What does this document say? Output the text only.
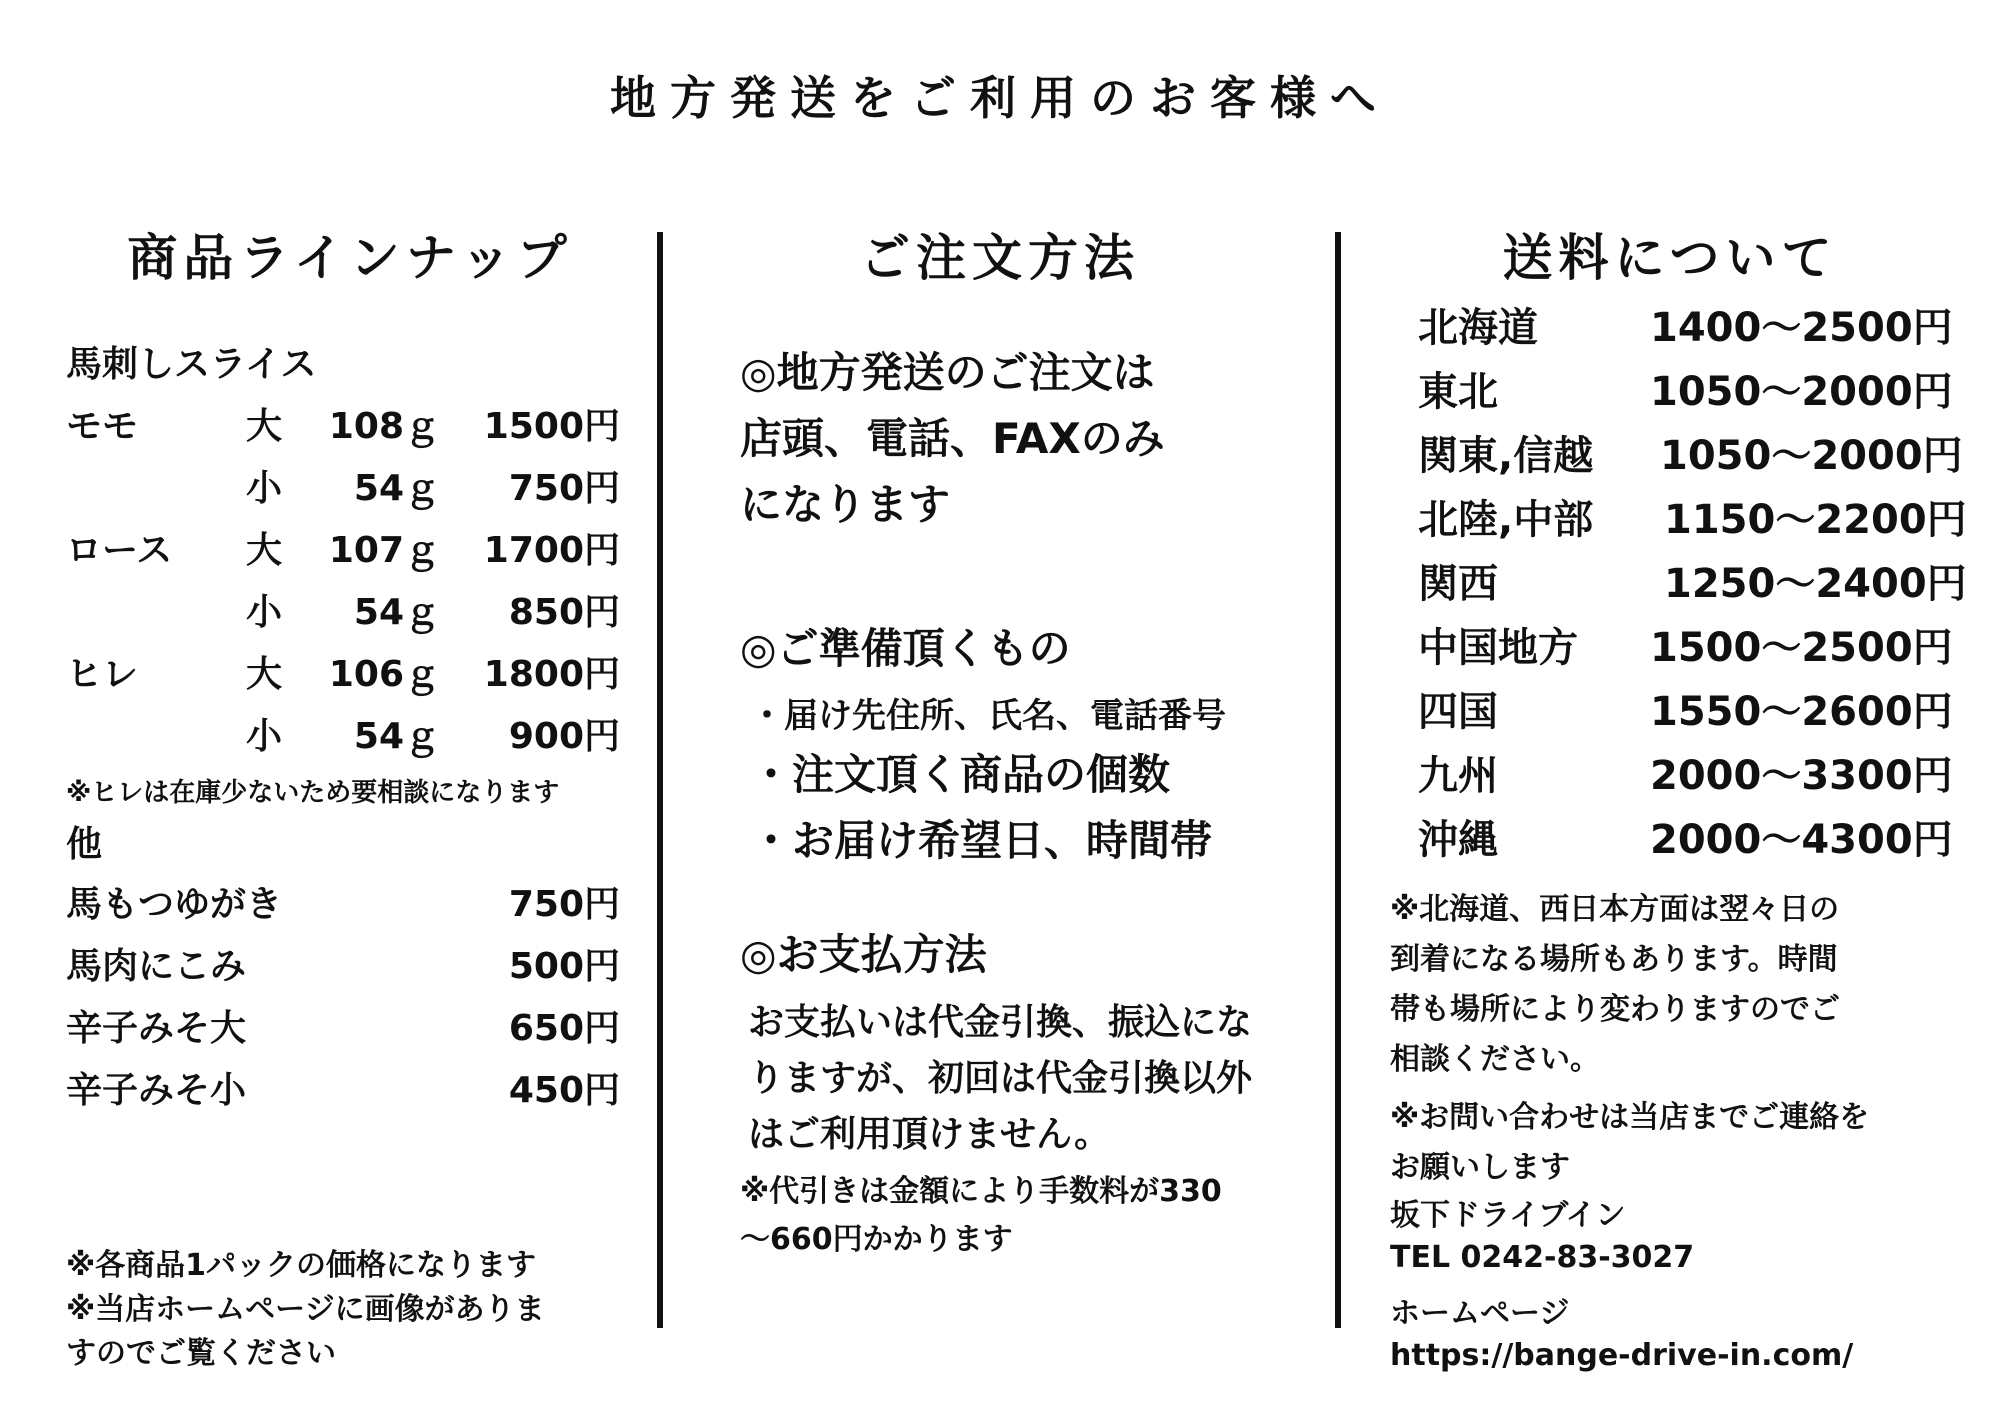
地方発送をご利用のお客様へ
商品ラインナップ
馬刺しスライス
モモ	大	108ｇ	1500円
小	54ｇ	750円
ロース 大	107ｇ	1700円
小	54ｇ	850円
ヒレ	大	106ｇ	1800円
小	54ｇ	900円
※ヒレは在庫少ないため要相談になります
他
馬もつゆがき	750円
馬肉にこみ	500円
辛子みそ大	650円
辛子みそ小	450円
※各商品1パックの価格になります
※当店ホームページに画像がありま
すのでご覧ください
ご注文方法
◎地方発送のご注文は
店頭、電話、FAXのみ
になります
◎ご準備頂くもの
・届け先住所、氏名、電話番号
・注文頂く商品の個数
・お届け希望日、時間帯
◎お支払方法
お支払いは代金引換、振込にな
りますが、初回は代金引換以外
はご利用頂けません。
※代引きは金額により手数料が330
～660円かかります
送料について
北海道	1400～2500円
東北	1050～2000円
関東,信越 1050～2000円
北陸,中部 1150～2200円
関西	1250～2400円
中国地方 1500～2500円
四国	1550～2600円
九州	2000～3300円
沖縄	2000～4300円
※北海道、西日本方面は翌々日の
到着になる場所もあります。時間
帯も場所により変わりますのでご
相談ください。
※お問い合わせは当店までご連絡を
お願いします
坂下ドライブイン
TEL 0242-83-3027
ホームページ
https://bange-drive-in.com/
